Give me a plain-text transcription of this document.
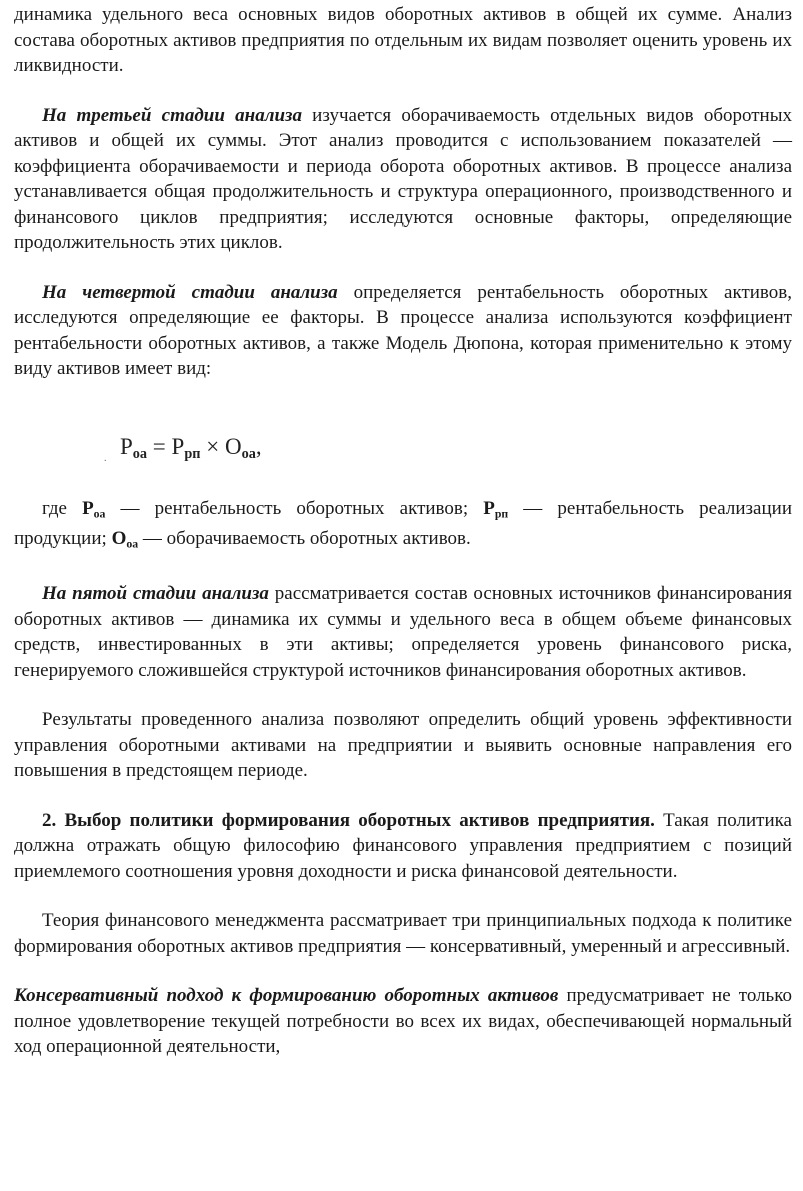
динамика удельного веса основных видов оборотных активов в общей их сумме. Анализ состава оборотных активов предприятия по отдельным их видам позволяет оценить уровень их ликвидности.

На третьей стадии анализа изучается оборачиваемость отдельных видов оборотных активов и общей их суммы. Этот анализ проводится с использованием показателей — коэффициента оборачиваемости и периода оборота оборотных активов. В процессе анализа устанавливается общая продолжительность и структура операционного, производственного и финансового циклов предприятия; исследуются основные факторы, определяющие продолжительность этих циклов.

На четвертой стадии анализа определяется рентабельность оборотных активов, исследуются определяющие ее факторы. В процессе анализа используются коэффициент рентабельности оборотных активов, а также Модель Дюпона, которая применительно к этому виду активов имеет вид:

. $Р_{оа} = Р_{рп} \times О_{оа}$,

где $Р_{оа}$ — рентабельность оборотных активов; $Р_{рп}$ — рентабельность реализации продукции; $О_{оа}$ — оборачиваемость оборотных активов.

На пятой стадии анализа рассматривается состав основных источников финансирования оборотных активов — динамика их суммы и удельного веса в общем объеме финансовых средств, инвестированных в эти активы; определяется уровень финансового риска, генерируемого сложившейся структурой источников финансирования оборотных активов.

Результаты проведенного анализа позволяют определить общий уровень эффективности управления оборотными активами на предприятии и выявить основные направления его повышения в предстоящем периоде.

2. Выбор политики формирования оборотных активов предприятия. Такая политика должна отражать общую философию финансового управления предприятием с позиций приемлемого соотношения уровня доходности и риска финансовой деятельности.

Теория финансового менеджмента рассматривает три принципиальных подхода к политике формирования оборотных активов предприятия — консервативный, умеренный и агрессивный.

Консервативный подход к формированию оборотных активов предусматривает не только полное удовлетворение текущей потребности во всех их видах, обеспечивающей нормальный ход операционной деятельности,
